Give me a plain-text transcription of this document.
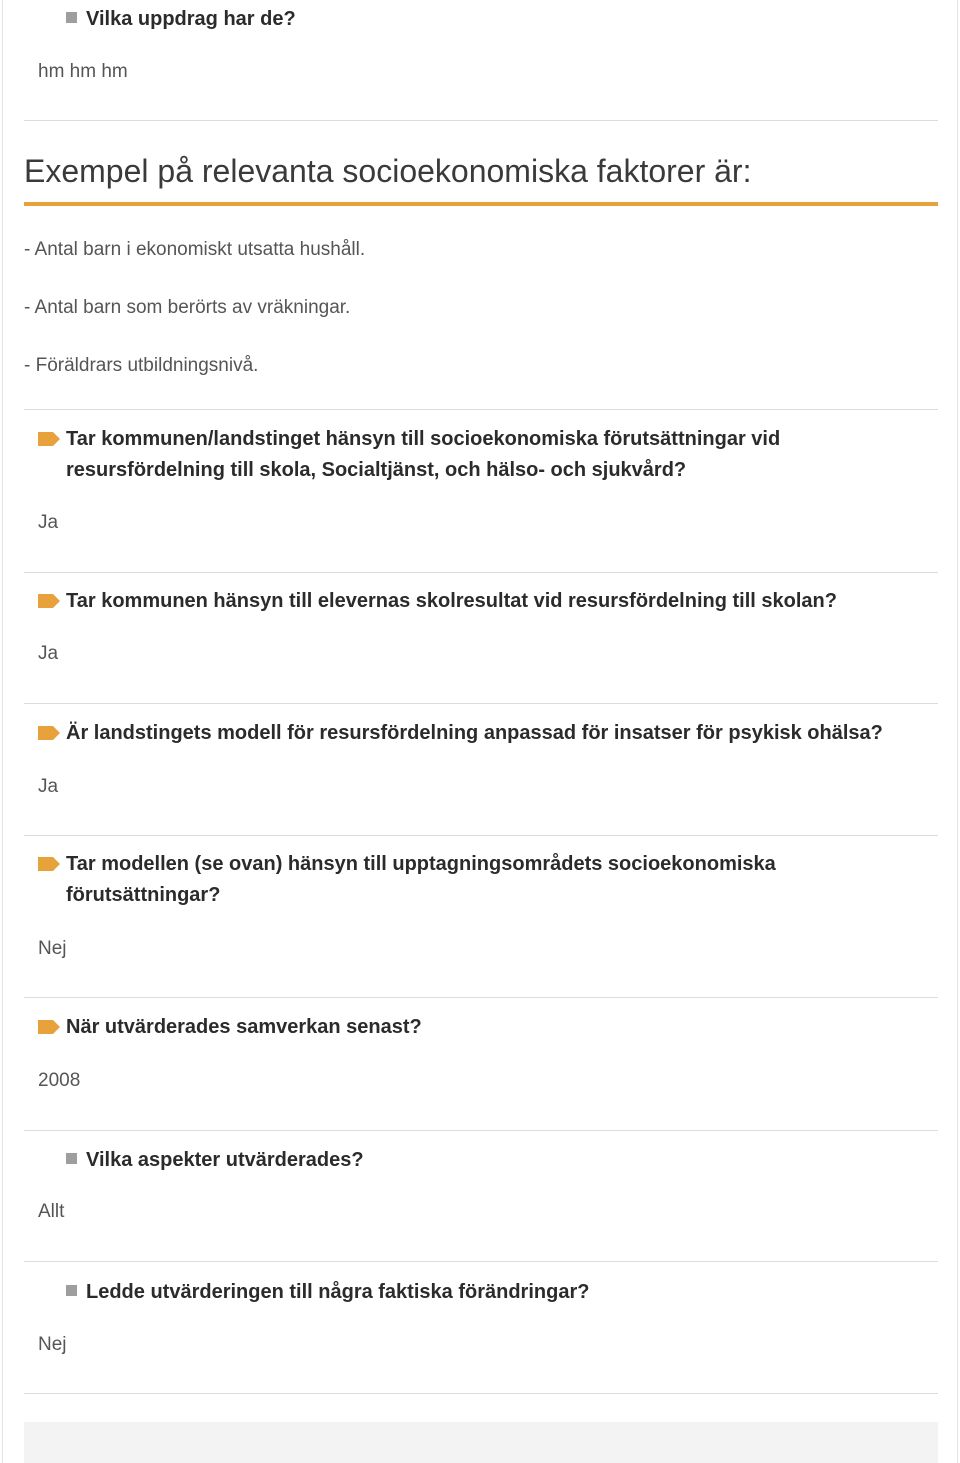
Vilka uppdrag har de?
hm hm hm
Exempel på relevanta socioekonomiska faktorer är:
- Antal barn i ekonomiskt utsatta hushåll.
- Antal barn som berörts av vräkningar.
- Föräldrars utbildningsnivå.
Tar kommunen/landstinget hänsyn till socioekonomiska förutsättningar vid
resursfördelning till skola, Socialtjänst, och hälso- och sjukvård?
Ja
Tar kommunen hänsyn till elevernas skolresultat vid resursfördelning till skolan?
Ja
Är landstingets modell för resursfördelning anpassad för insatser för psykisk ohälsa?
Ja
Tar modellen (se ovan) hänsyn till upptagningsområdets socioekonomiska
förutsättningar?
Nej
När utvärderades samverkan senast?
2008
Vilka aspekter utvärderades?
Allt
Ledde utvärderingen till några faktiska förändringar?
Nej
